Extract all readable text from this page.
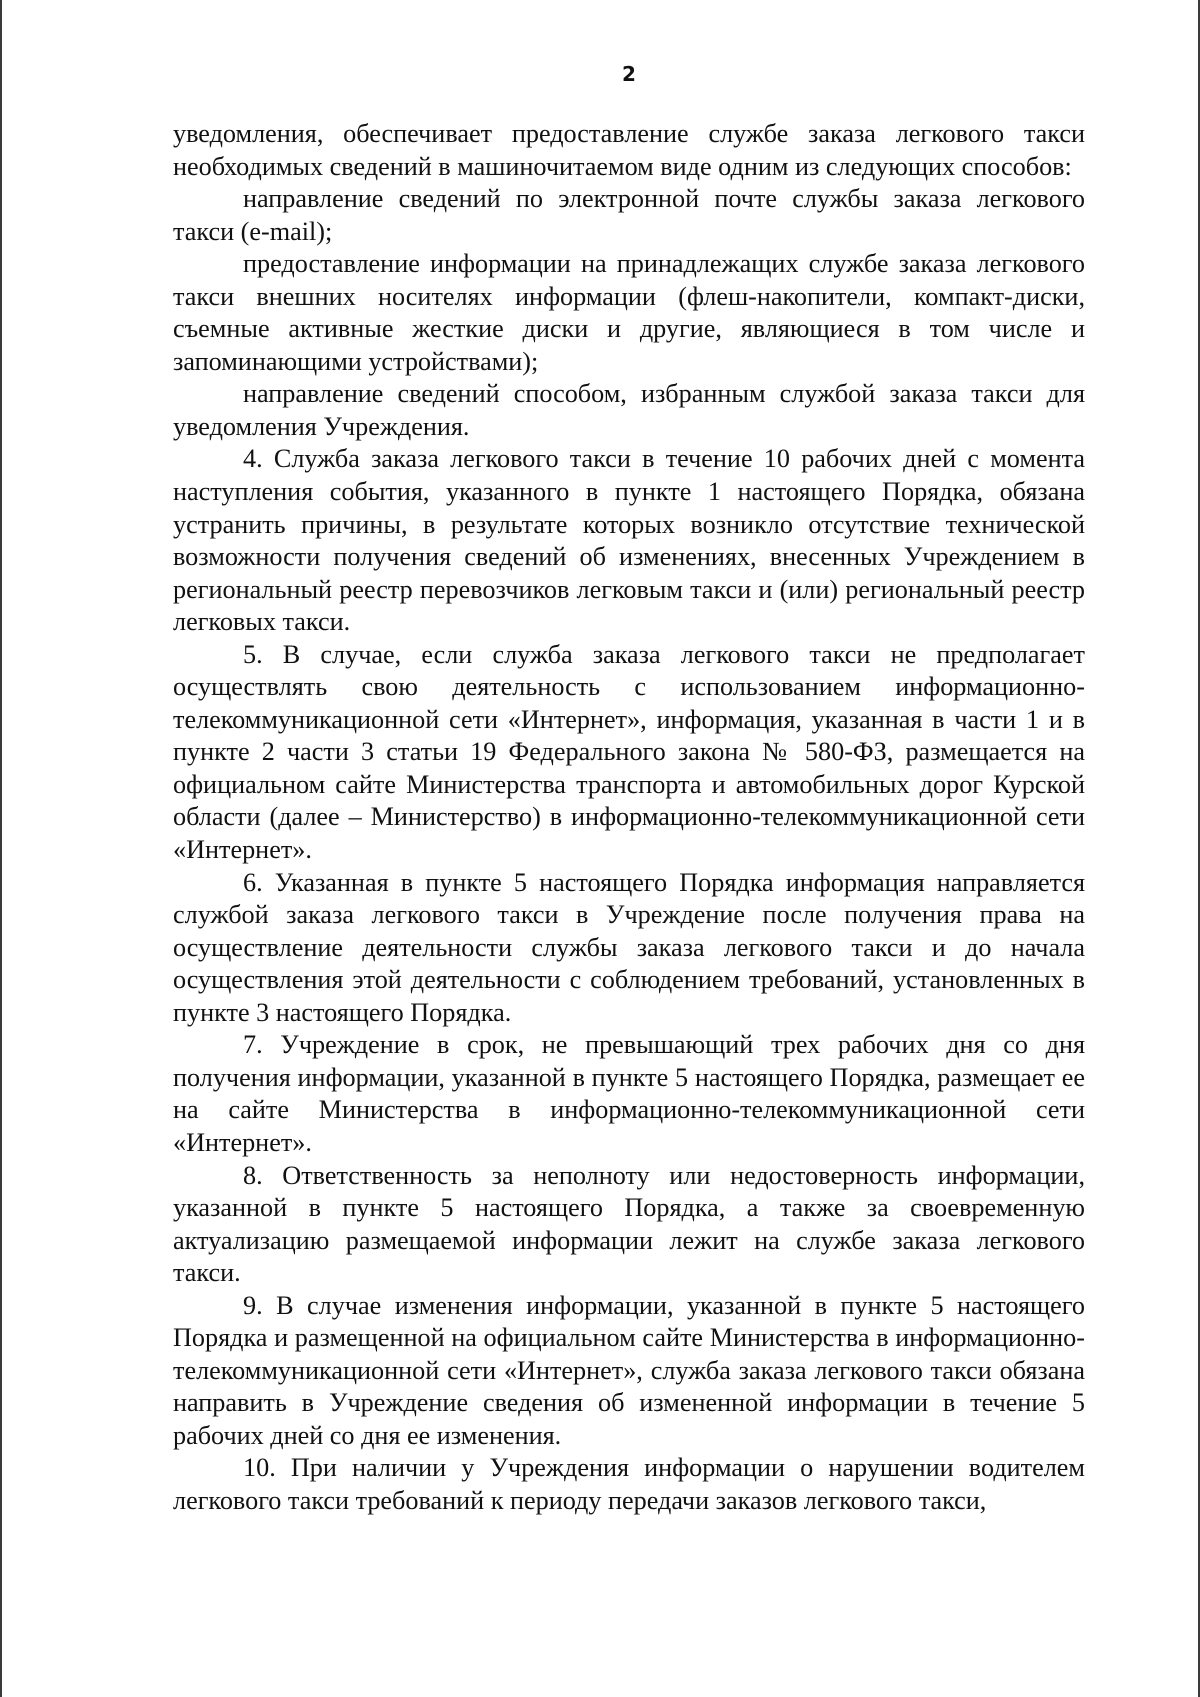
2

уведомления, обеспечивает предоставление службе заказа легкового такси необходимых сведений в машиночитаемом виде одним из следующих способов:

направление сведений по электронной почте службы заказа легкового такси (e-mail);

предоставление информации на принадлежащих службе заказа легкового такси внешних носителях информации (флеш-накопители, компакт-диски, съемные активные жесткие диски и другие, являющиеся в том числе и запоминающими устройствами);

направление сведений способом, избранным службой заказа такси для уведомления Учреждения.

4. Служба заказа легкового такси в течение 10 рабочих дней с момента наступления события, указанного в пункте 1 настоящего Порядка, обязана устранить причины, в результате которых возникло отсутствие технической возможности получения сведений об изменениях, внесенных Учреждением в региональный реестр перевозчиков легковым такси и (или) региональный реестр легковых такси.

5. В случае, если служба заказа легкового такси не предполагает осуществлять свою деятельность с использованием информационно-телекоммуникационной сети «Интернет», информация, указанная в части 1 и в пункте 2 части 3 статьи 19 Федерального закона № 580-ФЗ, размещается на официальном сайте Министерства транспорта и автомобильных дорог Курской области (далее – Министерство) в информационно-телекоммуникационной сети «Интернет».

6. Указанная в пункте 5 настоящего Порядка информация направляется службой заказа легкового такси в Учреждение после получения права на осуществление деятельности службы заказа легкового такси и до начала осуществления этой деятельности с соблюдением требований, установленных в пункте 3 настоящего Порядка.

7. Учреждение в срок, не превышающий трех рабочих дня со дня получения информации, указанной в пункте 5 настоящего Порядка, размещает ее на сайте Министерства в информационно-телекоммуникационной сети «Интернет».

8. Ответственность за неполноту или недостоверность информации, указанной в пункте 5 настоящего Порядка, а также за своевременную актуализацию размещаемой информации лежит на службе заказа легкового такси.

9. В случае изменения информации, указанной в пункте 5 настоящего Порядка и размещенной на официальном сайте Министерства в информационно-телекоммуникационной сети «Интернет», служба заказа легкового такси обязана направить в Учреждение сведения об измененной информации в течение 5 рабочих дней со дня ее изменения.

10. При наличии у Учреждения информации о нарушении водителем легкового такси требований к периоду передачи заказов легкового такси,
